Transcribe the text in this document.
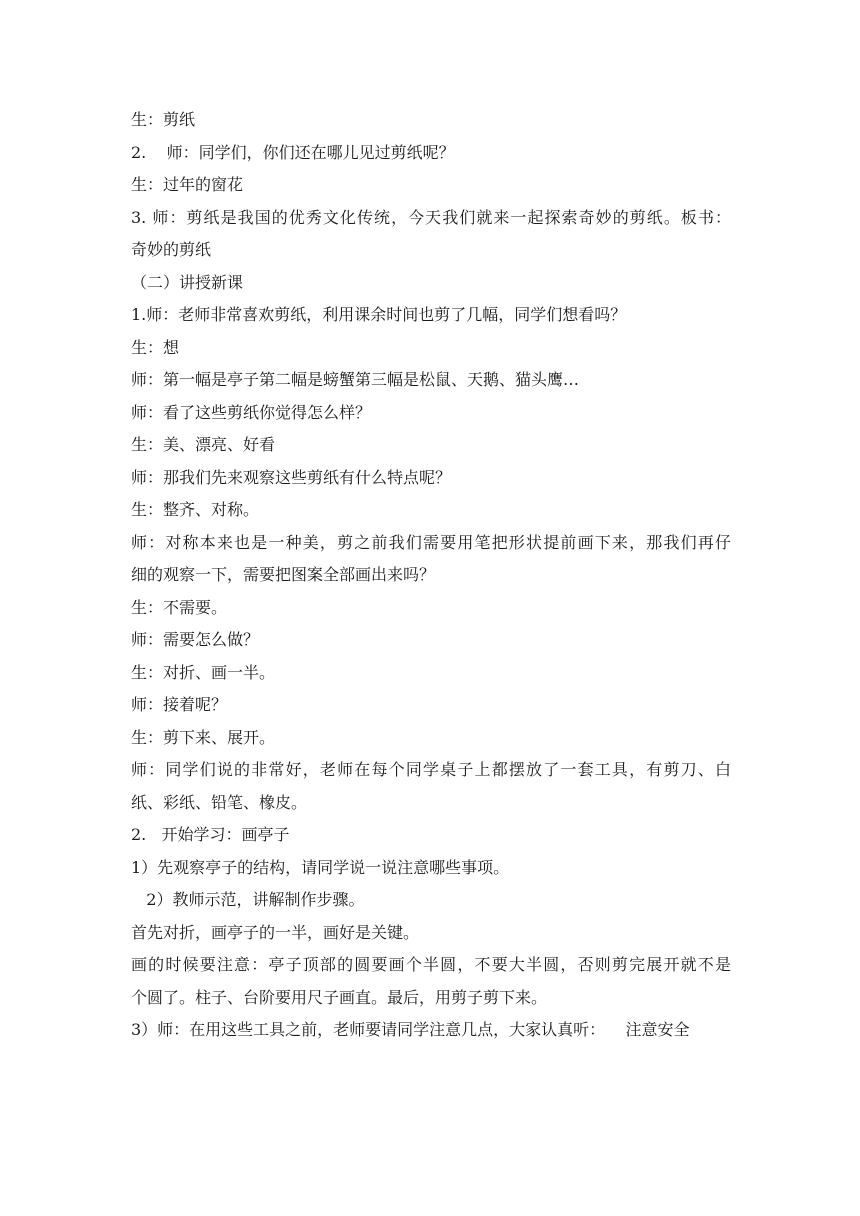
生：剪纸
2.    师：同学们，你们还在哪儿见过剪纸呢？
生：过年的窗花
3. 师：剪纸是我国的优秀文化传统，今天我们就来一起探索奇妙的剪纸。板书：
奇妙的剪纸
（二）讲授新课
1.师：老师非常喜欢剪纸，利用课余时间也剪了几幅，同学们想看吗？
生：想
师：第一幅是亭子第二幅是螃蟹第三幅是松鼠、天鹅、猫头鹰…
师：看了这些剪纸你觉得怎么样？
生：美、漂亮、好看
师：那我们先来观察这些剪纸有什么特点呢？
生：整齐、对称。
师：对称本来也是一种美，剪之前我们需要用笔把形状提前画下来，那我们再仔
细的观察一下，需要把图案全部画出来吗？
生：不需要。
师：需要怎么做？
生：对折、画一半。
师：接着呢？
生：剪下来、展开。
师：同学们说的非常好，老师在每个同学桌子上都摆放了一套工具，有剪刀、白
纸、彩纸、铅笔、橡皮。
2.   开始学习：画亭子
1）先观察亭子的结构，请同学说一说注意哪些事项。
2）教师示范，讲解制作步骤。
首先对折，画亭子的一半，画好是关键。
画的时候要注意：亭子顶部的圆要画个半圆，不要大半圆，否则剪完展开就不是
个圆了。柱子、台阶要用尺子画直。最后，用剪子剪下来。
3）师：在用这些工具之前，老师要请同学注意几点，大家认真听：    注意安全
